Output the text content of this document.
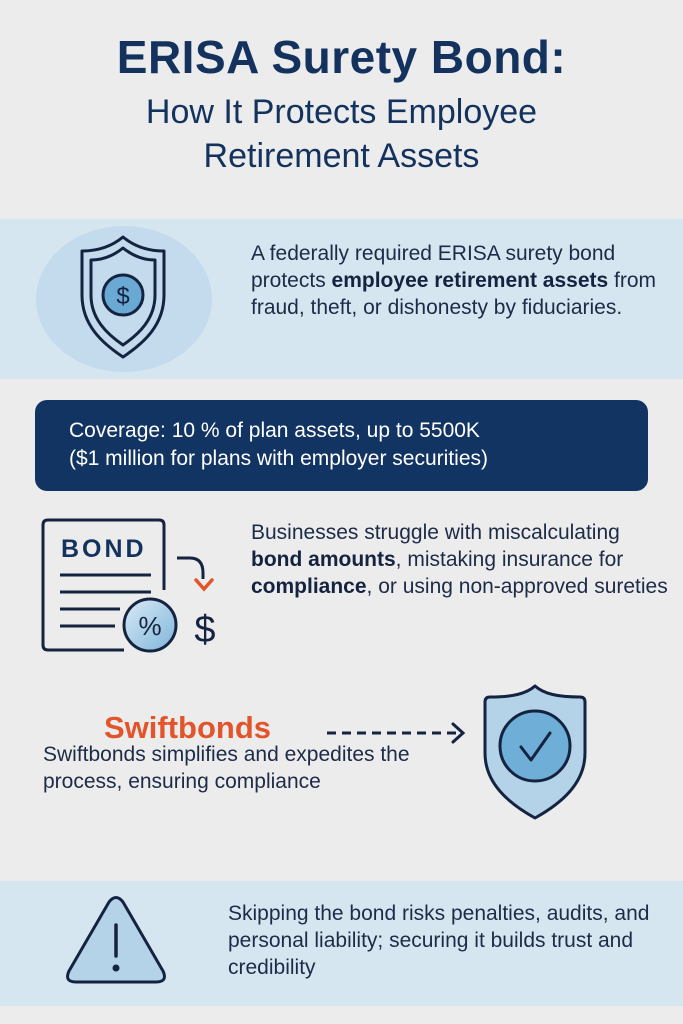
ERISA Surety Bond:
How It Protects Employee
Retirement Assets
$
A federally required ERISA surety bond protects employee retirement assets from fraud, theft, or dishonesty by fiduciaries.
Coverage: 10 % of plan assets, up to 5500K
($1 million for plans with employer securities)
BOND
% $
Businesses struggle with miscalculating bond amounts, mistaking insurance for compliance, or using non-approved sureties
Swiftbonds
Swiftbonds simplifies and expedites the process, ensuring compliance
Skipping the bond risks penalties, audits, and personal liability; securing it builds trust and credibility
